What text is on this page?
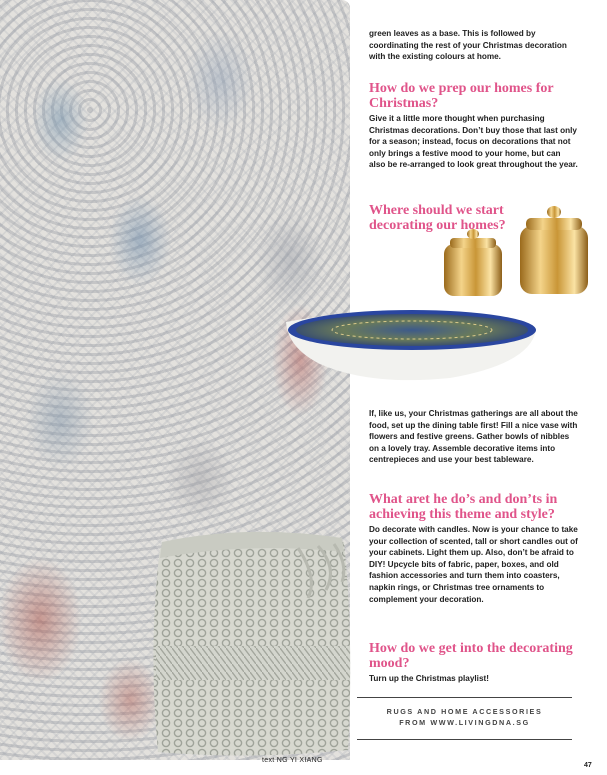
text NG YI XIANG

green leaves as a base. This is followed by coordinating the rest of your Christmas decoration with the existing colours at home.

How do we prep our homes for Christmas?

Give it a little more thought when purchasing Christmas decorations. Don’t buy those that last only for a season; instead, focus on decorations that not only brings a festive mood to your home, but can also be re-arranged to look great throughout the year.

Where should we start decorating our homes?

If, like us, your Christmas gatherings are all about the food, set up the dining table first! Fill a nice vase with flowers and festive greens. Gather bowls of nibbles on a lovely tray. Assemble decorative items into centrepieces and use your best tableware.

What aret he do’s and don’ts in achieving this theme and style?

Do decorate with candles. Now is your chance to take your collection of scented, tall or short candles out of your cabinets. Light them up. Also, don’t be afraid to DIY! Upcycle bits of fabric, paper, boxes, and old fashion accessories and turn them into coasters, napkin rings, or Christmas tree ornaments to complement your decoration.

How do we get into the decorating mood?

Turn up the Christmas playlist!

RUGS AND HOME ACCESSORIES
FROM WWW.LIVINGDNA.SG
47
